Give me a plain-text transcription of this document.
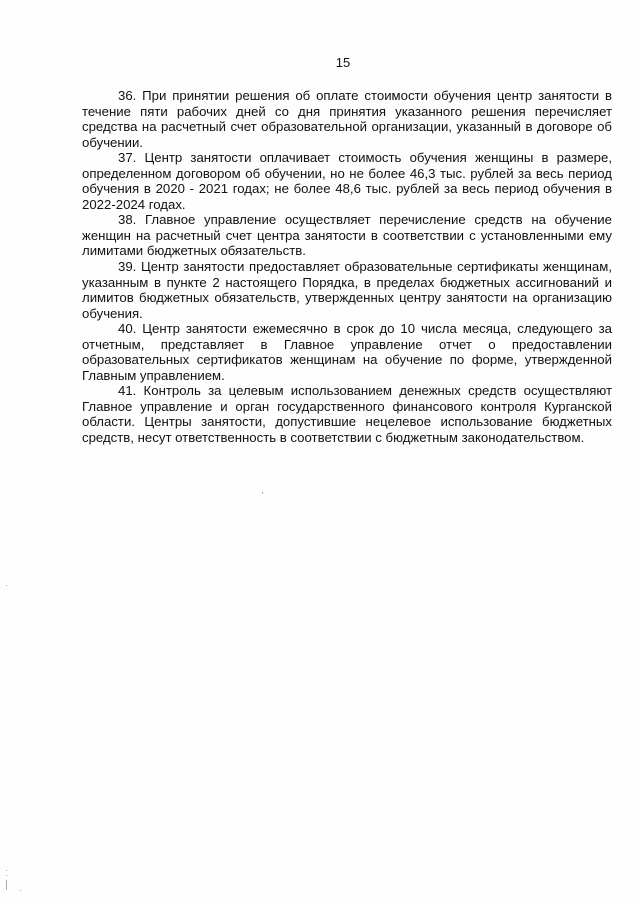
15

36. При принятии решения об оплате стоимости обучения центр занятости в течение пяти рабочих дней со дня принятия указанного решения перечисляет средства на расчетный счет образовательной организации, указанный в договоре об обучении.

37. Центр занятости оплачивает стоимость обучения женщины в размере, определенном договором об обучении, но не более 46,3 тыс. рублей за весь период обучения в 2020 - 2021 годах; не более 48,6 тыс. рублей за весь период обучения в 2022-2024 годах.

38. Главное управление осуществляет перечисление средств на обучение женщин на расчетный счет центра занятости в соответствии с установленными ему лимитами бюджетных обязательств.

39. Центр занятости предоставляет образовательные сертификаты женщинам, указанным в пункте 2 настоящего Порядка, в пределах бюджетных ассигнований и лимитов бюджетных обязательств, утвержденных центру занятости на организацию обучения.

40. Центр занятости ежемесячно в срок до 10 числа месяца, следующего за отчетным, представляет в Главное управление отчет о предоставлении образовательных сертификатов женщинам на обучение по форме, утвержденной Главным управлением.

41. Контроль за целевым использованием денежных средств осуществляют Главное управление и орган государственного финансового контроля Курганской области. Центры занятости, допустившие нецелевое использование бюджетных средств, несут ответственность в соответствии с бюджетным законодательством.
